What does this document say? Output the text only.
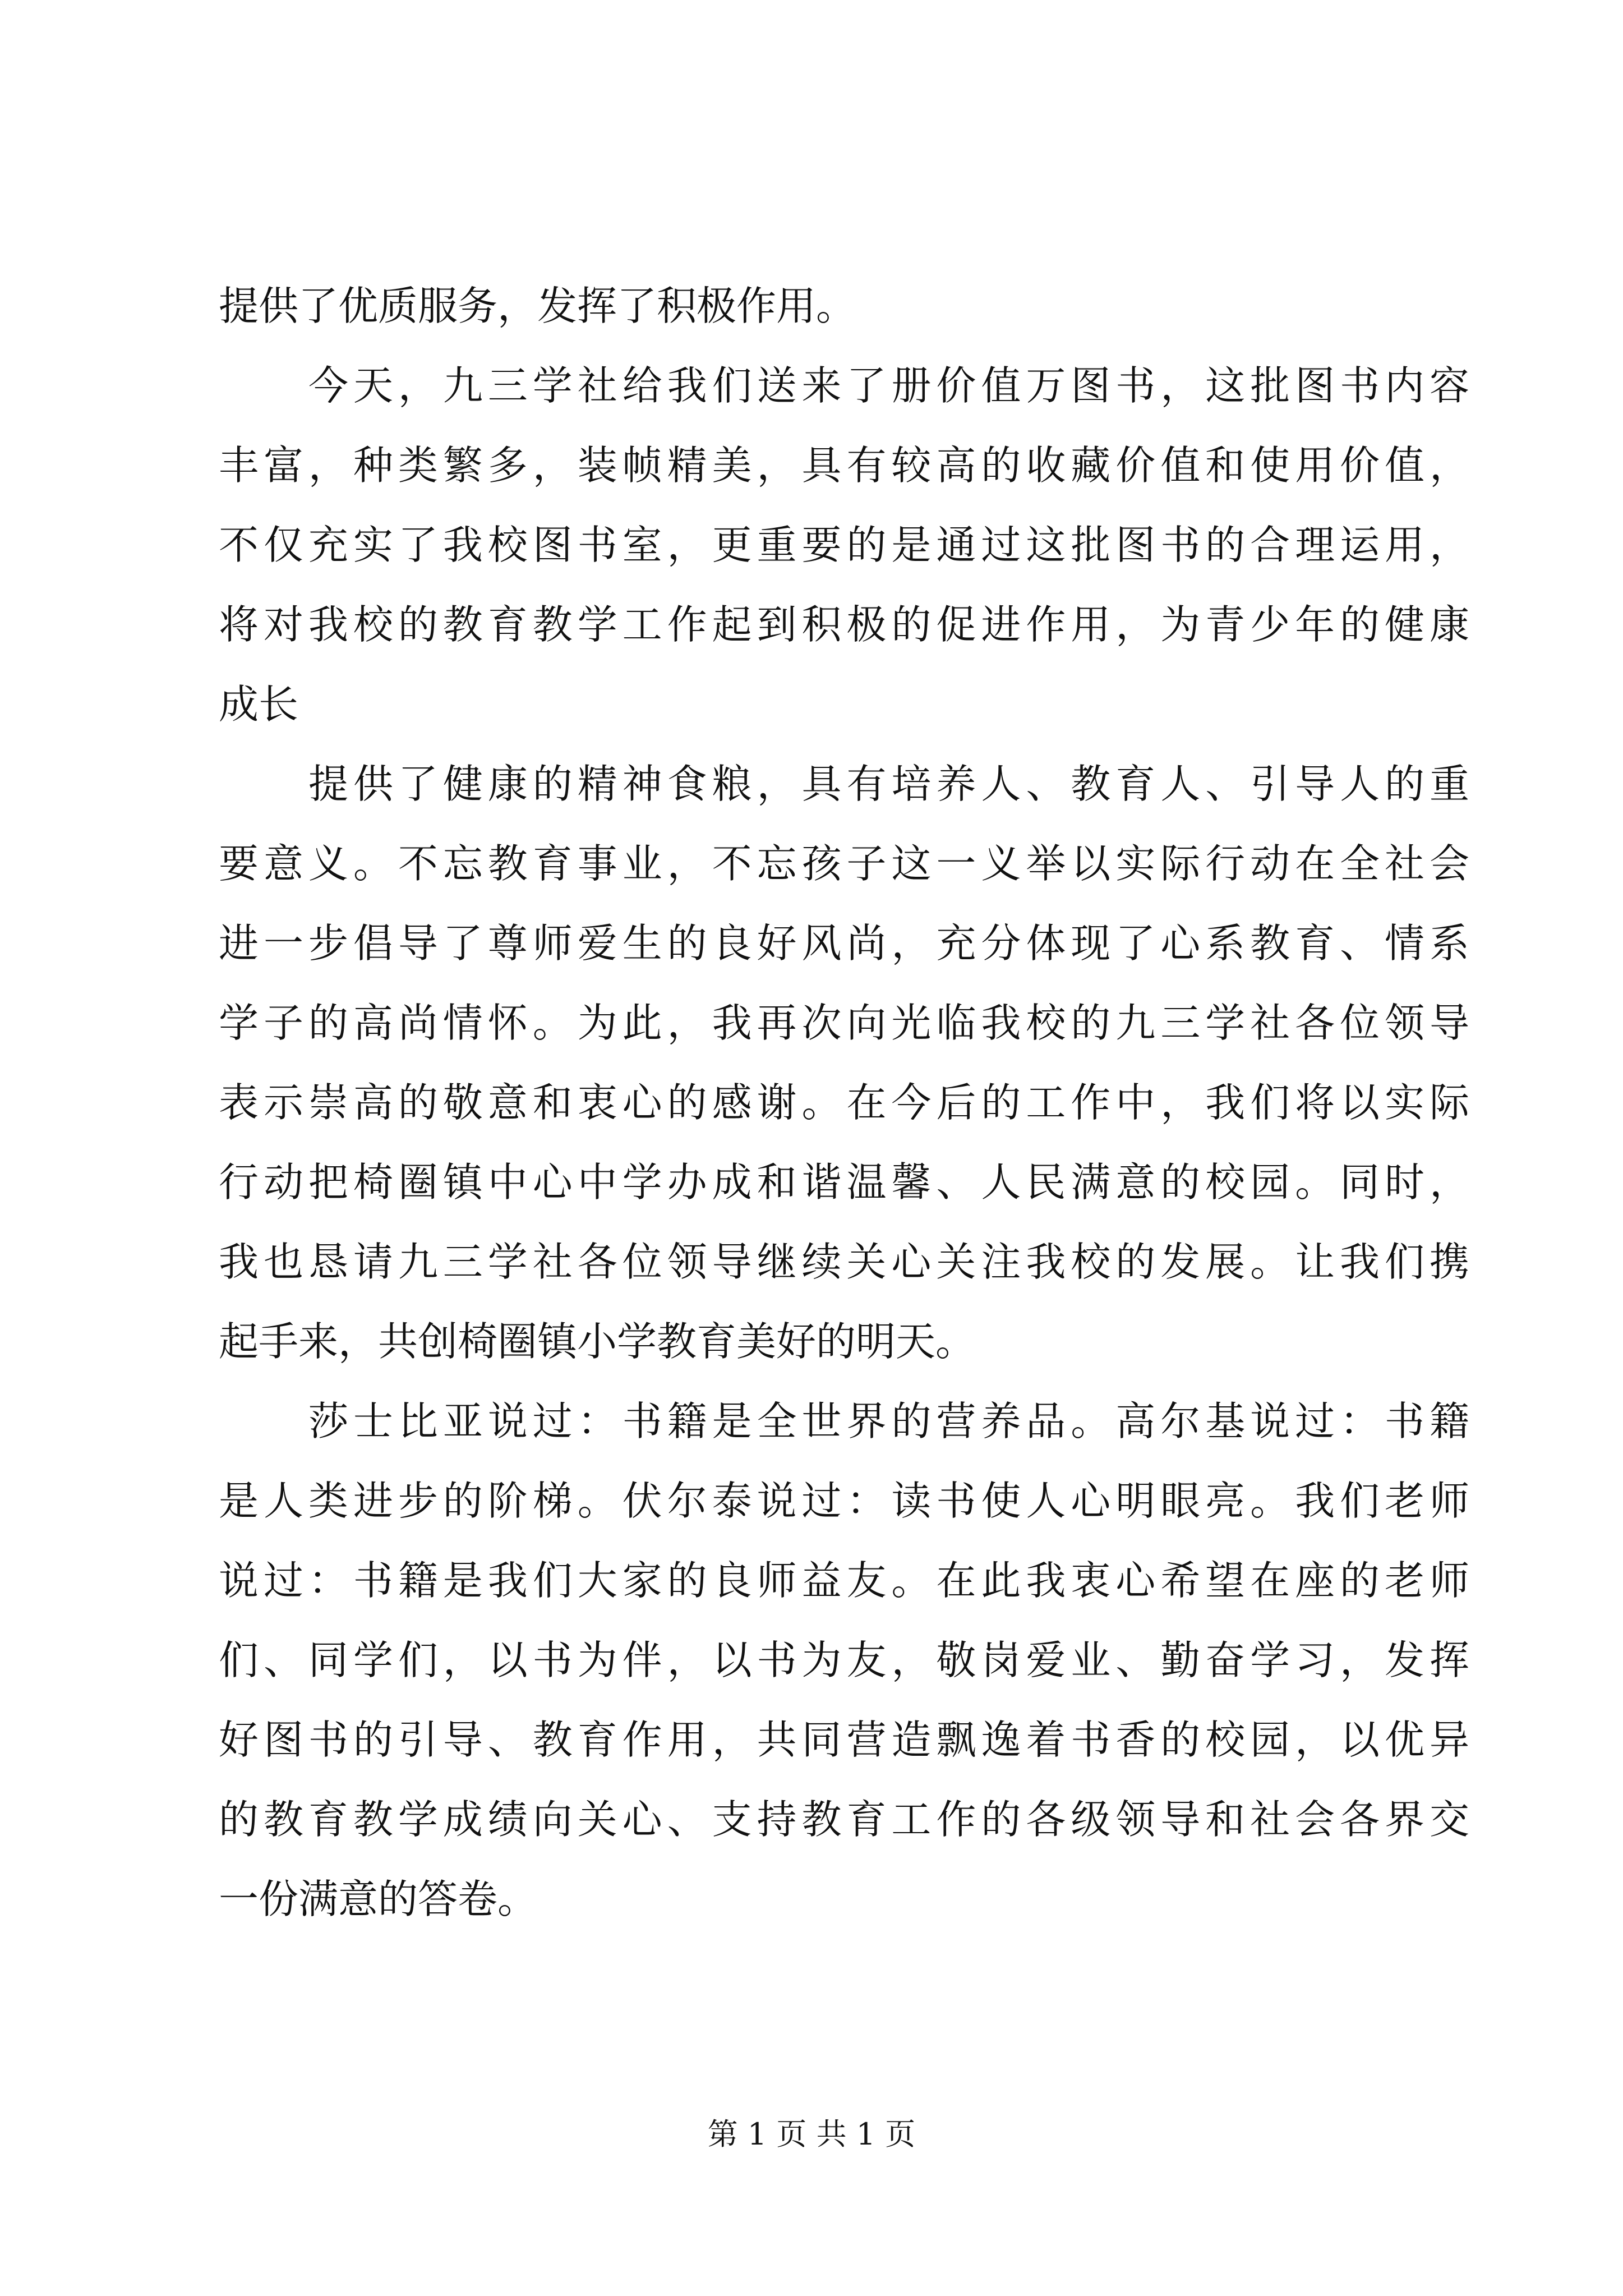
提供了优质服务，发挥了积极作用。
今天，九三学社给我们送来了册价值万图书，这批图书内容
丰富，种类繁多，装帧精美，具有较高的收藏价值和使用价值，
不仅充实了我校图书室，更重要的是通过这批图书的合理运用，
将对我校的教育教学工作起到积极的促进作用，为青少年的健康
成长
提供了健康的精神食粮，具有培养人、教育人、引导人的重
要意义。不忘教育事业，不忘孩子这一义举以实际行动在全社会
进一步倡导了尊师爱生的良好风尚，充分体现了心系教育、情系
学子的高尚情怀。为此，我再次向光临我校的九三学社各位领导
表示崇高的敬意和衷心的感谢。在今后的工作中，我们将以实际
行动把椅圈镇中心中学办成和谐温馨、人民满意的校园。同时，
我也恳请九三学社各位领导继续关心关注我校的发展。让我们携
起手来，共创椅圈镇小学教育美好的明天。
莎士比亚说过：书籍是全世界的营养品。高尔基说过：书籍
是人类进步的阶梯。伏尔泰说过：读书使人心明眼亮。我们老师
说过：书籍是我们大家的良师益友。在此我衷心希望在座的老师
们、同学们，以书为伴，以书为友，敬岗爱业、勤奋学习，发挥
好图书的引导、教育作用，共同营造飘逸着书香的校园，以优异
的教育教学成绩向关心、支持教育工作的各级领导和社会各界交
一份满意的答卷。
第 1 页 共 1 页
